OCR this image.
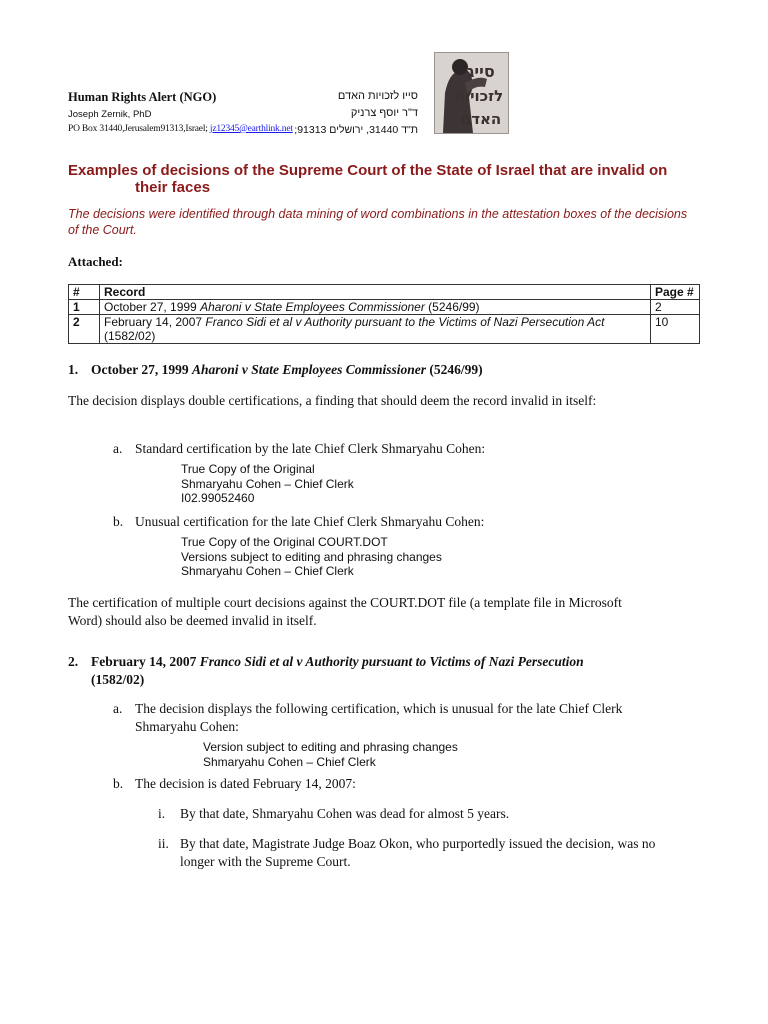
Human Rights Alert (NGO)
Joseph Zernik, PhD
PO Box 31440,Jerusalem91313,Israel; jz12345@earthlink.net
סייו לזכויות האדם
ד"ר יוסף צרניק
ת"ד 31440, ירושלים 91313;
סייג
לזכויות
האדם
Examples of decisions of the Supreme Court of the State of Israel that are invalid on
their faces
The decisions were identified through data mining of word combinations in the attestation boxes of the decisions of the Court.
Attached:
#	Record	Page #
1	October 27, 1999 Aharoni v State Employees Commissioner (5246/99)	2
2	February 14, 2007 Franco Sidi et al v Authority pursuant to the Victims of Nazi Persecution Act (1582/02)	10
1. October 27, 1999 Aharoni v State Employees Commissioner (5246/99)
The decision displays double certifications, a finding that should deem the record invalid in itself:
a. Standard certification by the late Chief Clerk Shmaryahu Cohen:
True Copy of the Original
Shmaryahu Cohen – Chief Clerk
I02.99052460
b. Unusual certification for the late Chief Clerk Shmaryahu Cohen:
True Copy of the Original COURT.DOT
Versions subject to editing and phrasing changes
Shmaryahu Cohen – Chief Clerk
The certification of multiple court decisions against the COURT.DOT file (a template file in Microsoft Word) should also be deemed invalid in itself.
2. February 14, 2007 Franco Sidi et al v Authority pursuant to Victims of Nazi Persecution
(1582/02)
a. The decision displays the following certification, which is unusual for the late Chief Clerk Shmaryahu Cohen:
Version subject to editing and phrasing changes
Shmaryahu Cohen – Chief Clerk
b. The decision is dated February 14, 2007:
i. By that date, Shmaryahu Cohen was dead for almost 5 years.
ii. By that date, Magistrate Judge Boaz Okon, who purportedly issued the decision, was no longer with the Supreme Court.
